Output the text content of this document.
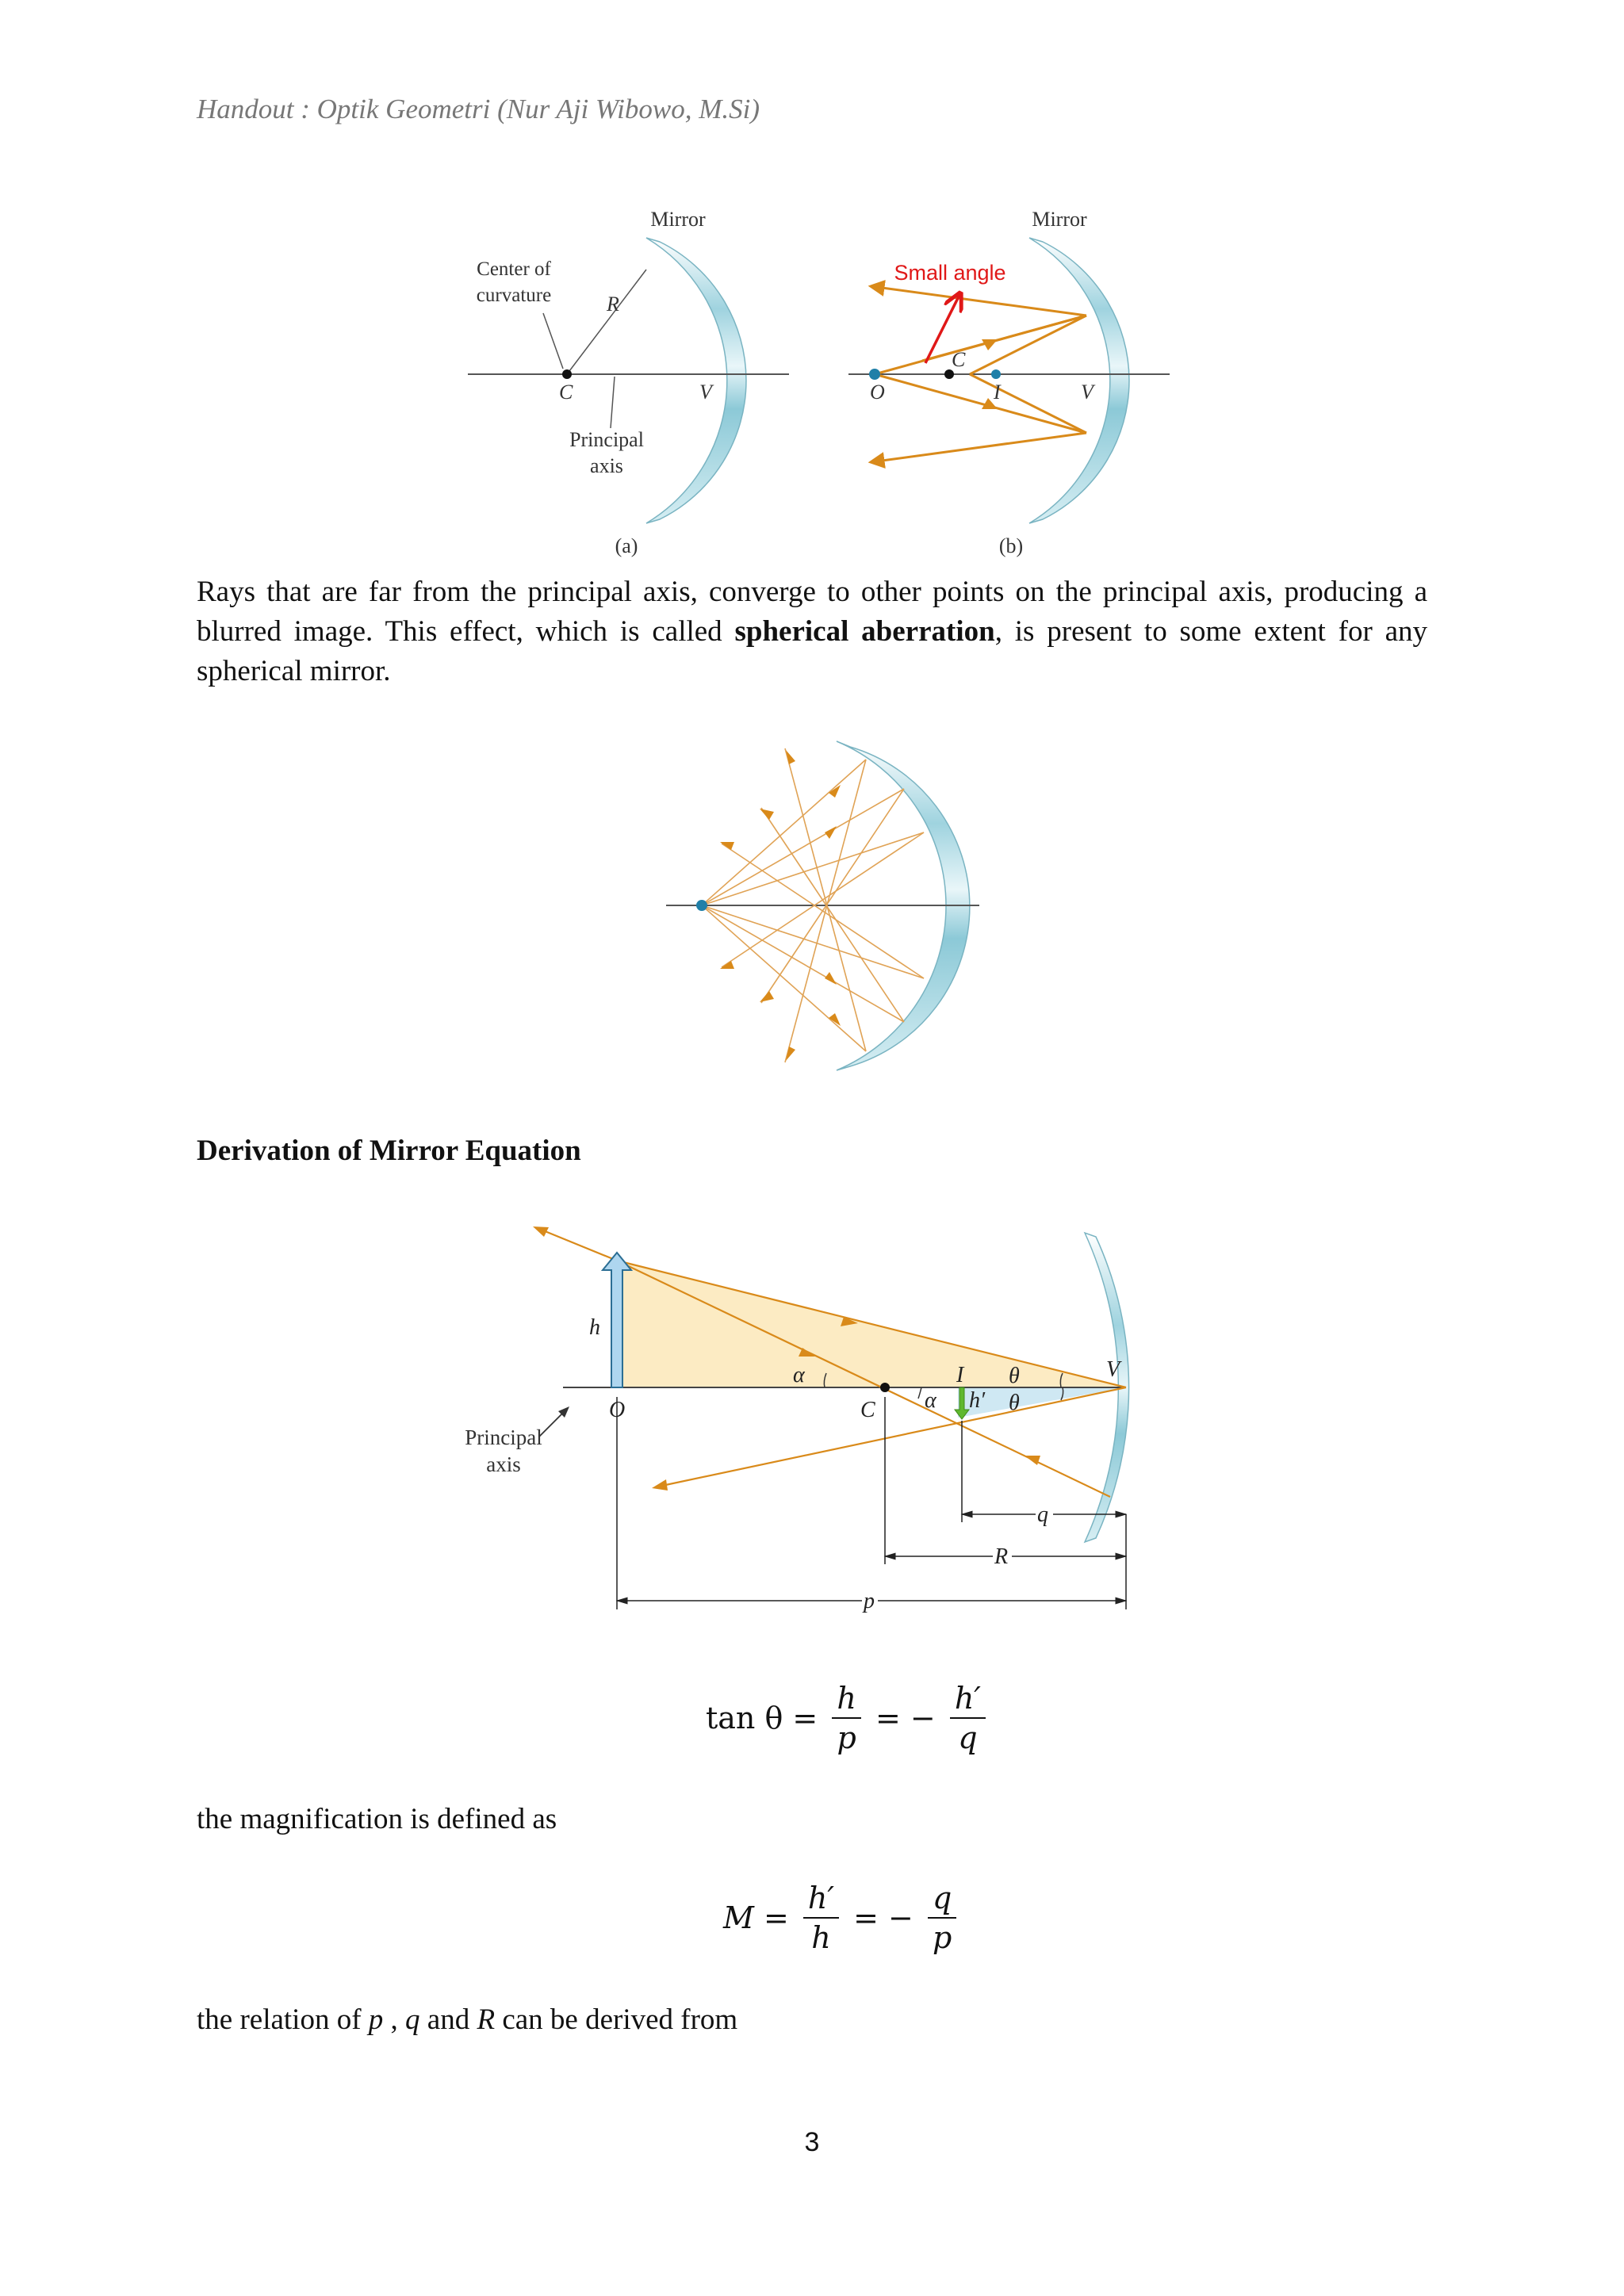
Handout : Optik Geometri (Nur Aji Wibowo, M.Si)
Mirror
Center of
curvature	R
C	V
Principal
axis
(a)
Mirror
Small angle
O
C
I	V
(b)
Rays that are far from the principal axis, converge to other points on the principal axis, producing a blurred image. This effect, which is called spherical aberration, is present to some extent for any spherical mirror.
Derivation of Mirror Equation
h
O	C
I	V
α
α
θ
θ
h′
q
R
p
Principal
axis
$\tan \theta = \frac{h}{p}$ = − $\frac{h'}{q}$
the magnification is defined as
$M = \frac{h'}{h}$ = − $\frac{q}{p}$
the relation of p , q and R can be derived from
3
